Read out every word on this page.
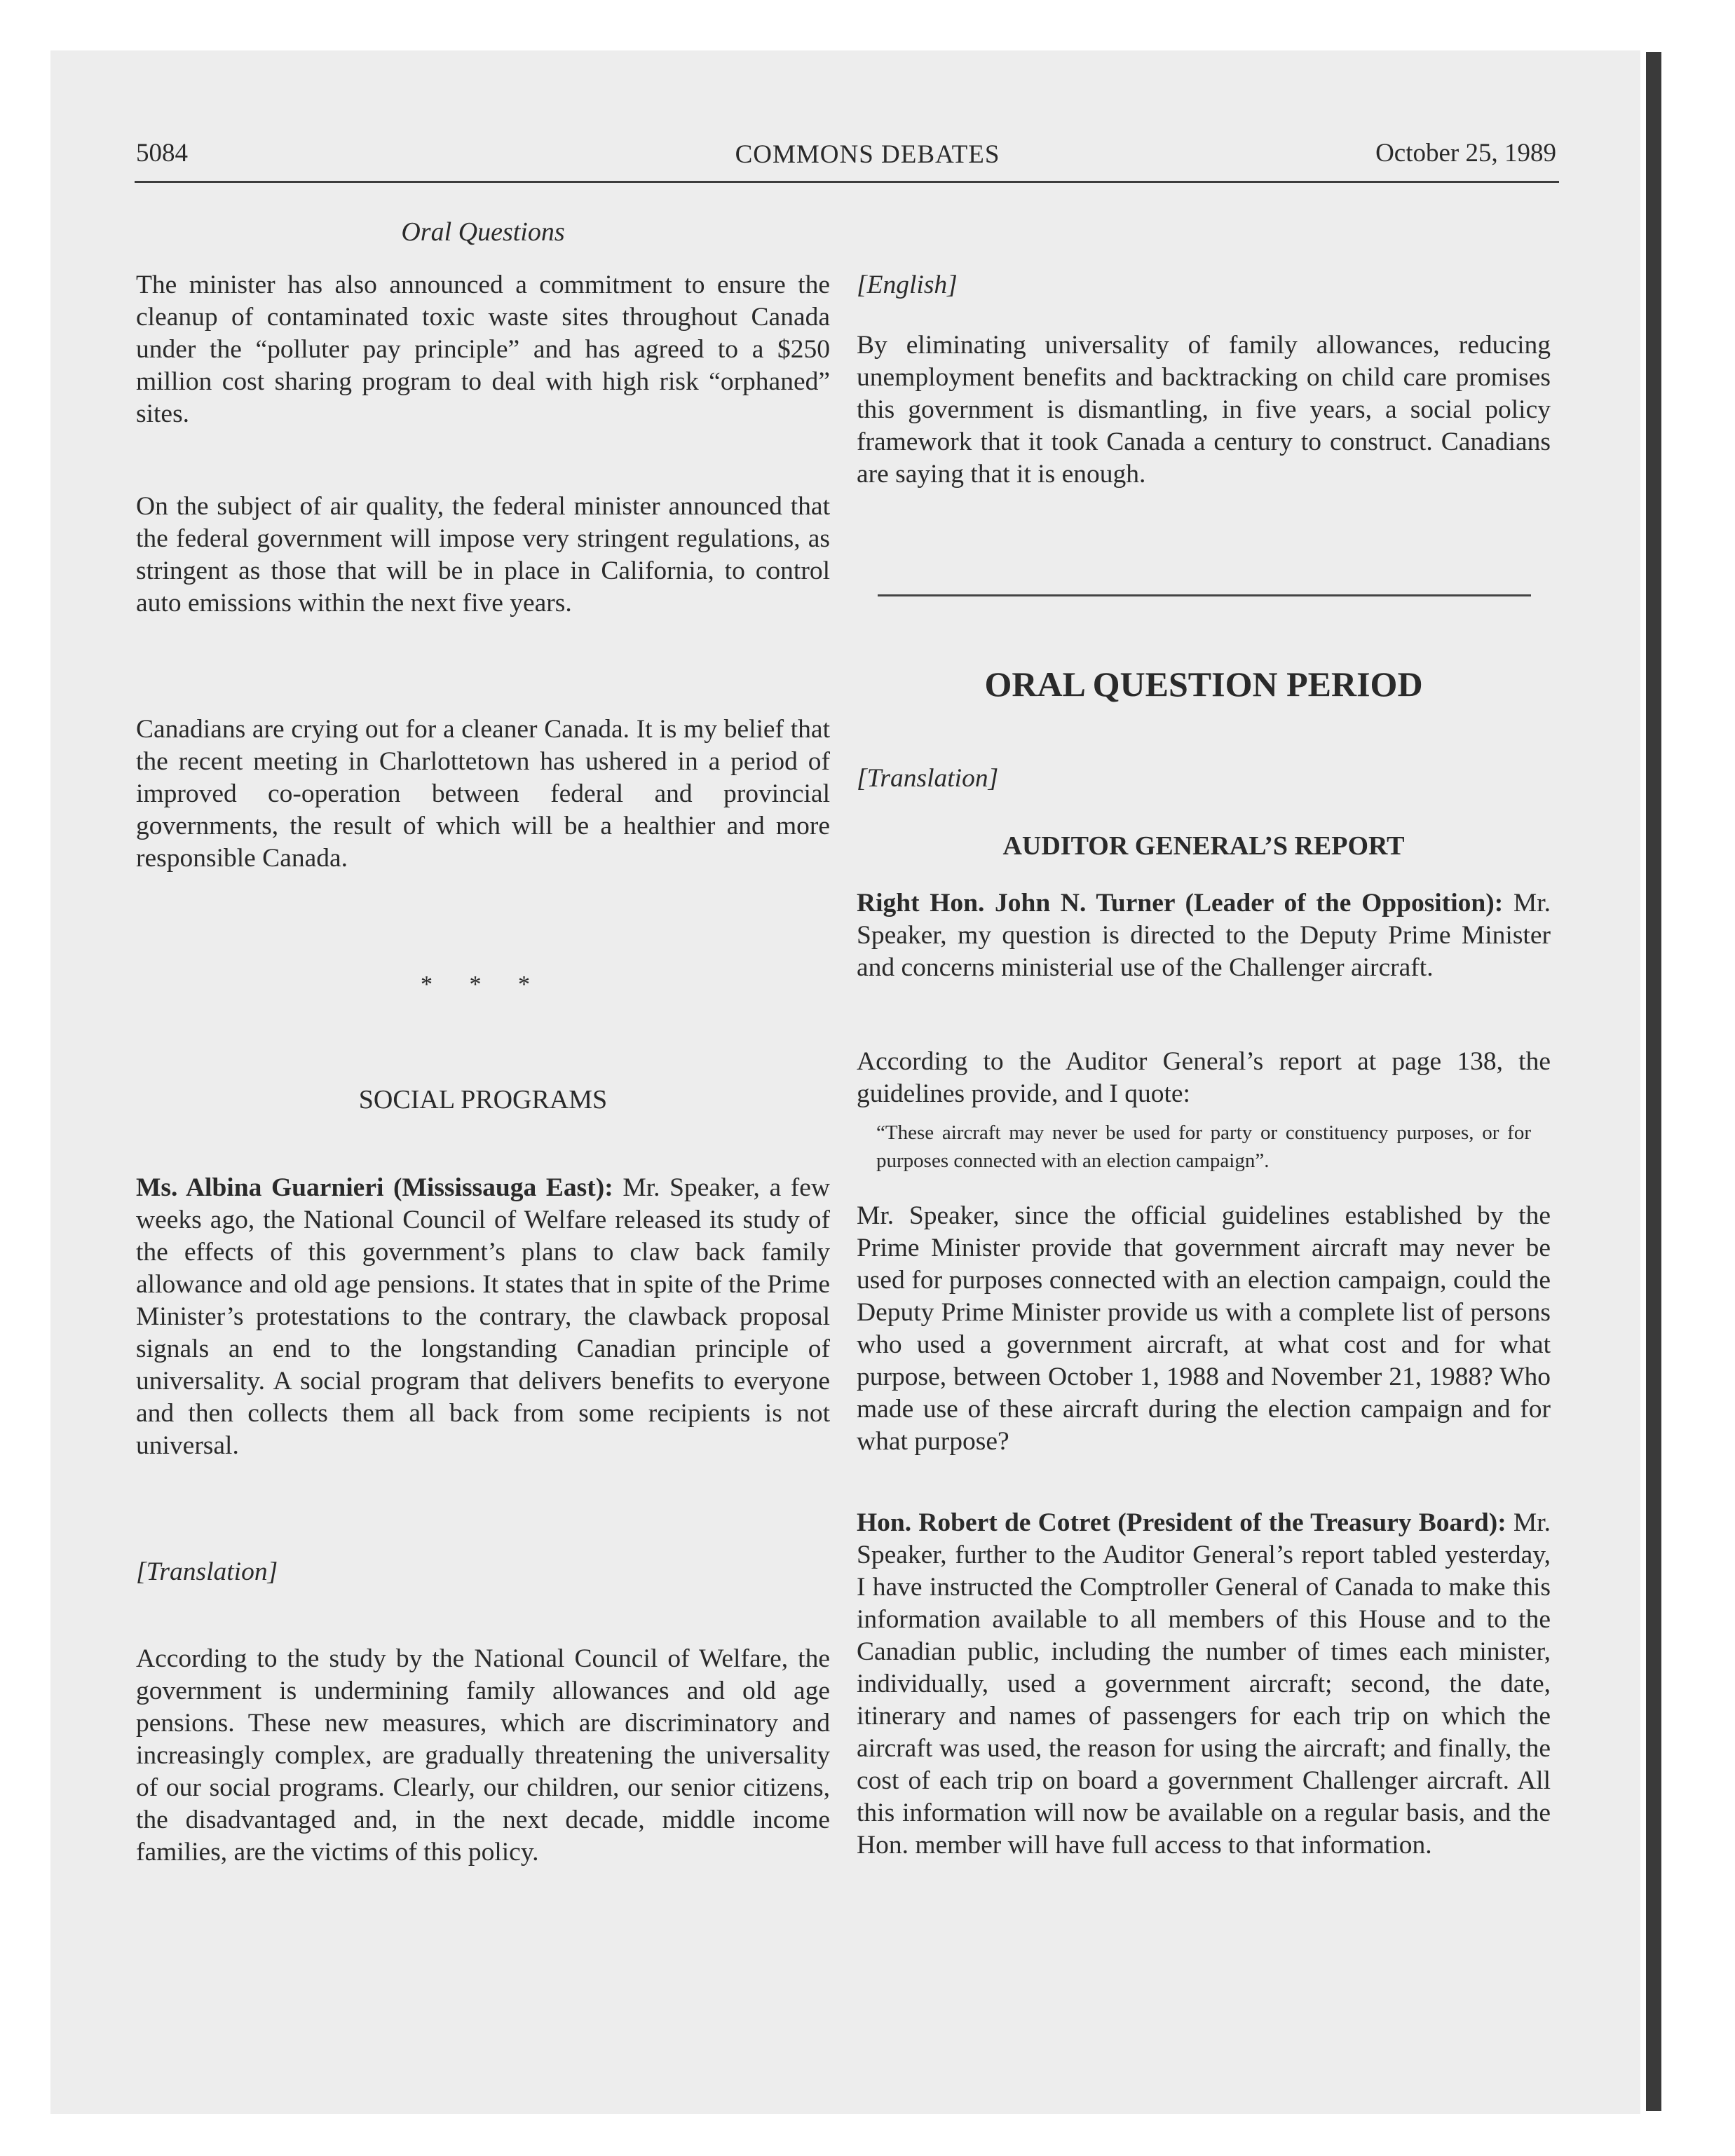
5084	COMMONS DEBATES	October 25, 1989

Oral Questions

The minister has also announced a commitment to ensure the cleanup of contaminated toxic waste sites throughout Canada under the “polluter pay principle” and has agreed to a $250 million cost sharing program to deal with high risk “orphaned” sites.

On the subject of air quality, the federal minister announced that the federal government will impose very stringent regulations, as stringent as those that will be in place in California, to control auto emissions within the next five years.

Canadians are crying out for a cleaner Canada. It is my belief that the recent meeting in Charlottetown has ushered in a period of improved co-operation between federal and provincial governments, the result of which will be a healthier and more responsible Canada.

* * *

SOCIAL PROGRAMS

Ms. Albina Guarnieri (Mississauga East): Mr. Speaker, a few weeks ago, the National Council of Welfare released its study of the effects of this government’s plans to claw back family allowance and old age pensions. It states that in spite of the Prime Minister’s protestations to the contrary, the clawback proposal signals an end to the longstanding Canadian principle of universality. A social program that delivers benefits to everyone and then collects them all back from some recipients is not universal.

[Translation]

According to the study by the National Council of Welfare, the government is undermining family allowances and old age pensions. These new measures, which are discriminatory and increasingly complex, are gradually threatening the universality of our social programs. Clearly, our children, our senior citizens, the disadvantaged and, in the next decade, middle income families, are the victims of this policy.

[English]

By eliminating universality of family allowances, reducing unemployment benefits and backtracking on child care promises this government is dismantling, in five years, a social policy framework that it took Canada a century to construct. Canadians are saying that it is enough.

ORAL QUESTION PERIOD

[Translation]

AUDITOR GENERAL’S REPORT

Right Hon. John N. Turner (Leader of the Opposition): Mr. Speaker, my question is directed to the Deputy Prime Minister and concerns ministerial use of the Challenger aircraft.

According to the Auditor General’s report at page 138, the guidelines provide, and I quote:

“These aircraft may never be used for party or constituency purposes, or for purposes connected with an election campaign”.

Mr. Speaker, since the official guidelines established by the Prime Minister provide that government aircraft may never be used for purposes connected with an election campaign, could the Deputy Prime Minister provide us with a complete list of persons who used a government aircraft, at what cost and for what purpose, between October 1, 1988 and November 21, 1988? Who made use of these aircraft during the election campaign and for what purpose?

Hon. Robert de Cotret (President of the Treasury Board): Mr. Speaker, further to the Auditor General’s report tabled yesterday, I have instructed the Comptroller General of Canada to make this information available to all members of this House and to the Canadian public, including the number of times each minister, individually, used a government aircraft; second, the date, itinerary and names of passengers for each trip on which the aircraft was used, the reason for using the aircraft; and finally, the cost of each trip on board a government Challenger aircraft. All this information will now be available on a regular basis, and the Hon. member will have full access to that information.
